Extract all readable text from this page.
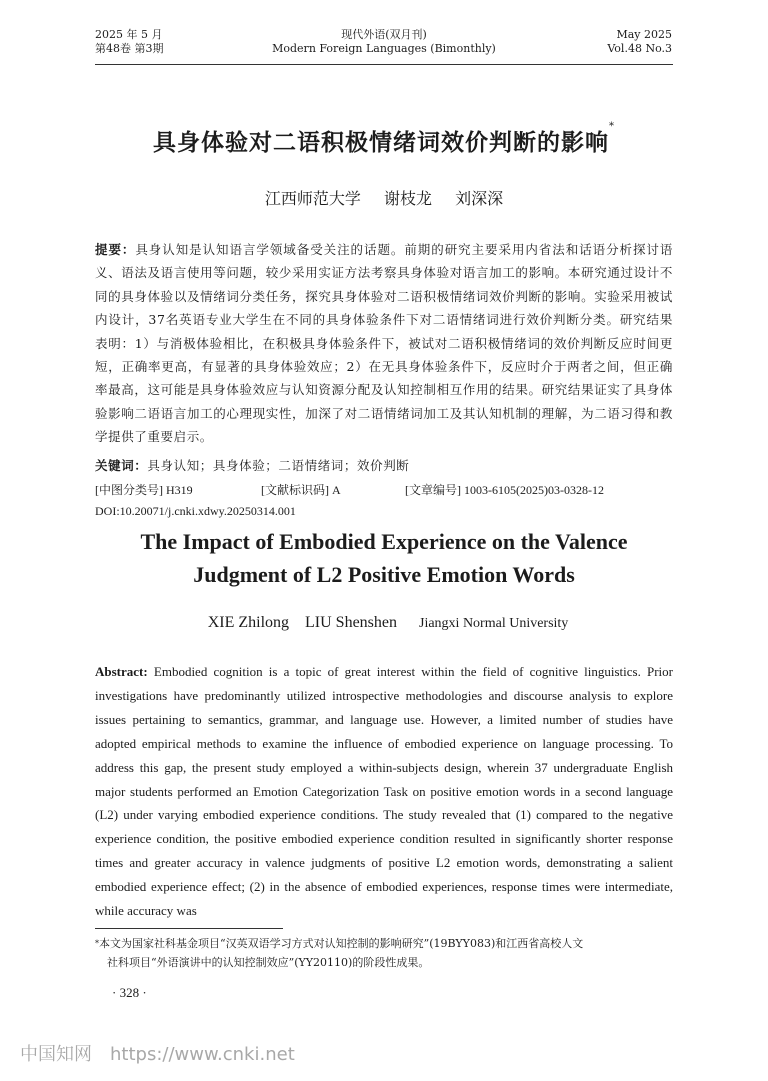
2025 年 5 月
第48卷 第3期
现代外语(双月刊)
Modern Foreign Languages (Bimonthly)
May 2025
Vol.48 No.3
具身体验对二语积极情绪词效价判断的影响*
江西师范大学 谢枝龙 刘深深
提要：具身认知是认知语言学领域备受关注的话题。前期的研究主要采用内省法和话语分析探讨语义、语法及语言使用等问题，较少采用实证方法考察具身体验对语言加工的影响。本研究通过设计不同的具身体验以及情绪词分类任务，探究具身体验对二语积极情绪词效价判断的影响。实验采用被试内设计，37名英语专业大学生在不同的具身体验条件下对二语情绪词进行效价判断分类。研究结果表明：1）与消极体验相比，在积极具身体验条件下，被试对二语积极情绪词的效价判断反应时间更短，正确率更高，有显著的具身体验效应；2）在无具身体验条件下，反应时介于两者之间，但正确率最高，这可能是具身体验效应与认知资源分配及认知控制相互作用的结果。研究结果证实了具身体验影响二语语言加工的心理现实性，加深了对二语情绪词加工及其认知机制的理解，为二语习得和教学提供了重要启示。
关键词：具身认知；具身体验；二语情绪词；效价判断
[中图分类号] H319	[文献标识码] A	[文章编号] 1003-6105(2025)03-0328-12
DOI:10.20071/j.cnki.xdwy.20250314.001
The Impact of Embodied Experience on the Valence
Judgment of L2 Positive Emotion Words
XIE Zhilong LIU Shenshen Jiangxi Normal University
Abstract: Embodied cognition is a topic of great interest within the field of cognitive linguistics. Prior investigations have predominantly utilized introspective methodologies and discourse analysis to explore issues pertaining to semantics, grammar, and language use. However, a limited number of studies have adopted empirical methods to examine the influence of embodied experience on language processing. To address this gap, the present study employed a within-subjects design, wherein 37 undergraduate English major students performed an Emotion Categorization Task on positive emotion words in a second language (L2) under varying embodied experience conditions. The study revealed that (1) compared to the negative experience condition, the positive embodied experience condition resulted in significantly shorter response times and greater accuracy in valence judgments of positive L2 emotion words, demonstrating a salient embodied experience effect; (2) in the absence of embodied experiences, response times were intermediate, while accuracy was
*本文为国家社科基金项目“汉英双语学习方式对认知控制的影响研究”(19BYY083)和江西省高校人文
社科项目“外语演讲中的认知控制效应”(YY20110)的阶段性成果。
· 328 ·
中国知网 https://www.cnki.net
